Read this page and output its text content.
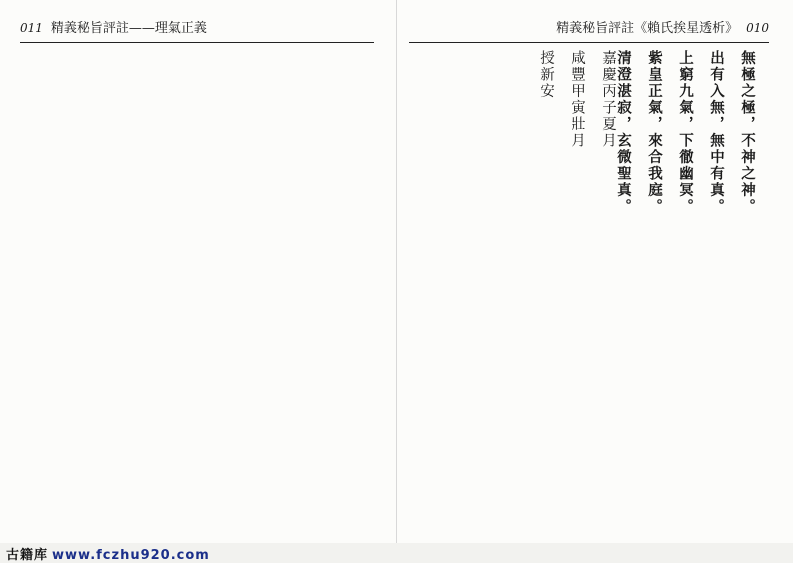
011 精義秘旨評註——理氣正義	精義秘旨評註《賴氏挨星透析》 010
無極之極，不神之神。
出有入無，無中有真。
上窮九氣，下徹幽冥。
紫皇正氣，來合我庭。
清澄湛寂，玄微聖真。
嘉慶丙子夏月
咸豐甲寅壯月
授新安
古籍库 www.fczhu920.com
